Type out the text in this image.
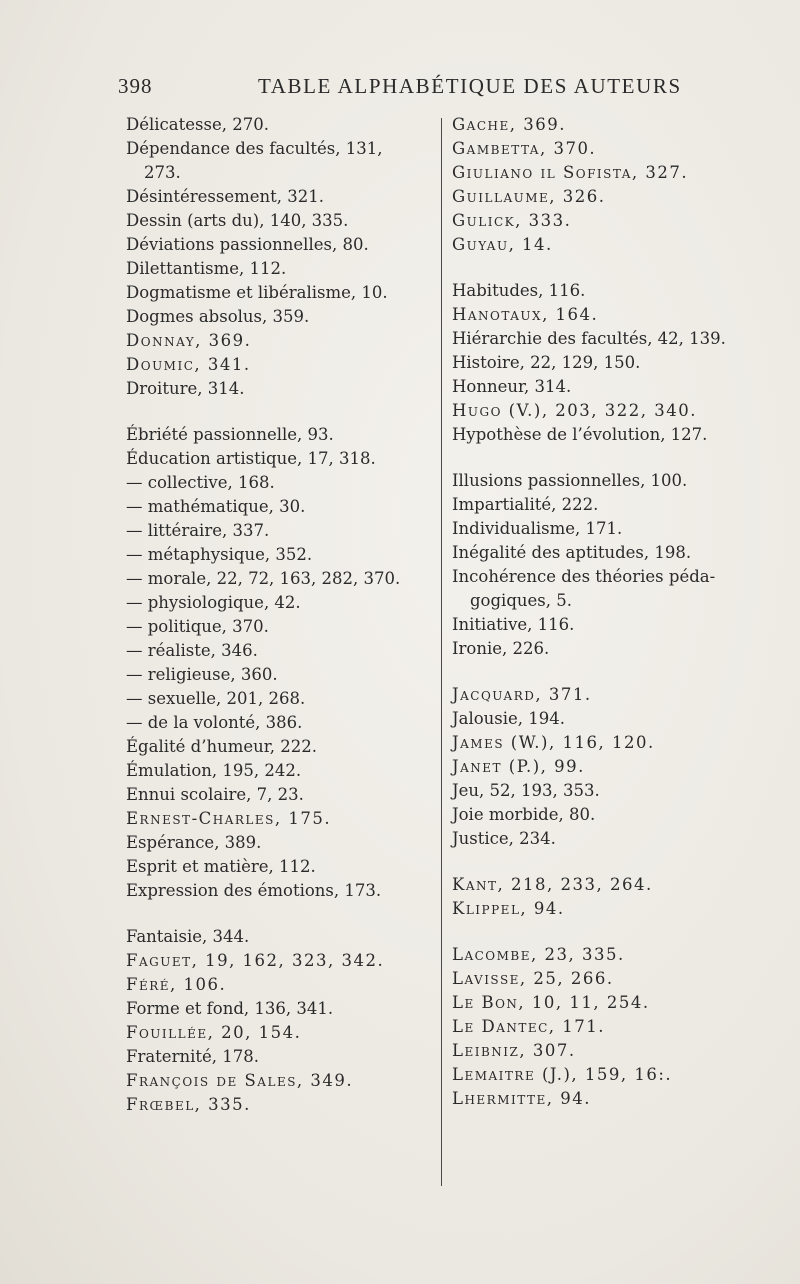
398	TABLE ALPHABÉTIQUE DES AUTEURS
Délicatesse, 270.
Dépendance des facultés, 131,
273.
Désintéressement, 321.
Dessin (arts du), 140, 335.
Déviations passionnelles, 80.
Dilettantisme, 112.
Dogmatisme et libéralisme, 10.
Dogmes absolus, 359.
Donnay, 369.
Doumic, 341.
Droiture, 314.
Ébriété passionnelle, 93.
Éducation artistique, 17, 318.
— collective, 168.
— mathématique, 30.
— littéraire, 337.
— métaphysique, 352.
— morale, 22, 72, 163, 282, 370.
— physiologique, 42.
— politique, 370.
— réaliste, 346.
— religieuse, 360.
— sexuelle, 201, 268.
— de la volonté, 386.
Égalité d’humeur, 222.
Émulation, 195, 242.
Ennui scolaire, 7, 23.
Ernest-Charles, 175.
Espérance, 389.
Esprit et matière, 112.
Expression des émotions, 173.
Fantaisie, 344.
Faguet, 19, 162, 323, 342.
Féré, 106.
Forme et fond, 136, 341.
Fouillée, 20, 154.
Fraternité, 178.
François de Sales, 349.
Frœbel, 335.
Gache, 369.
Gambetta, 370.
Giuliano il Sofista, 327.
Guillaume, 326.
Gulick, 333.
Guyau, 14.
Habitudes, 116.
Hanotaux, 164.
Hiérarchie des facultés, 42, 139.
Histoire, 22, 129, 150.
Honneur, 314.
Hugo (V.), 203, 322, 340.
Hypothèse de l’évolution, 127.
Illusions passionnelles, 100.
Impartialité, 222.
Individualisme, 171.
Inégalité des aptitudes, 198.
Incohérence des théories péda-
gogiques, 5.
Initiative, 116.
Ironie, 226.
Jacquard, 371.
Jalousie, 194.
James (W.), 116, 120.
Janet (P.), 99.
Jeu, 52, 193, 353.
Joie morbide, 80.
Justice, 234.
Kant, 218, 233, 264.
Klippel, 94.
Lacombe, 23, 335.
Lavisse, 25, 266.
Le Bon, 10, 11, 254.
Le Dantec, 171.
Leibniz, 307.
Lemaitre (J.), 159, 16:.
Lhermitte, 94.
